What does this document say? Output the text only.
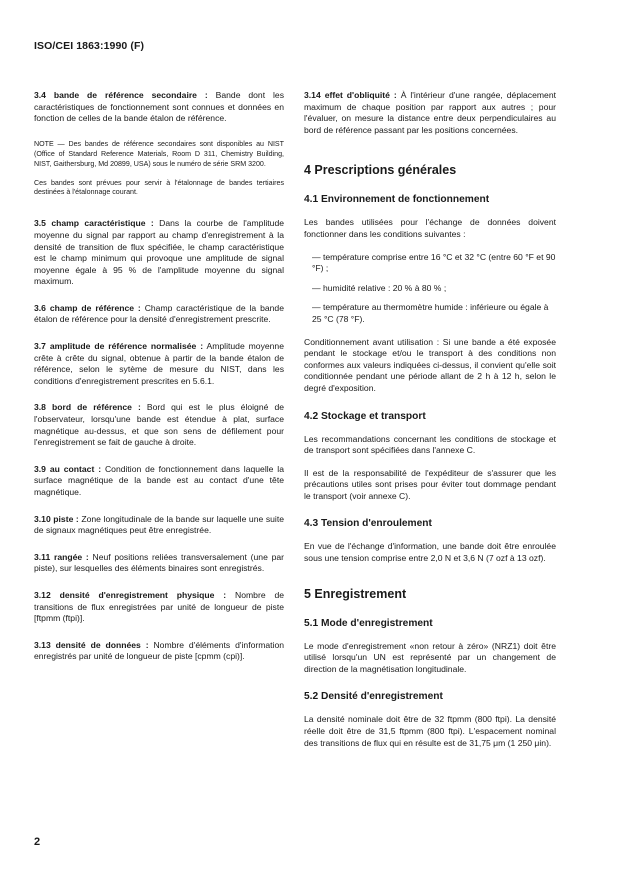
ISO/CEI 1863:1990 (F)
3.4 bande de référence secondaire : Bande dont les caractéristiques de fonctionnement sont connues et données en fonction de celles de la bande étalon de référence.
NOTE — Des bandes de référence secondaires sont disponibles au NIST (Office of Standard Reference Materials, Room D 311, Chemistry Building, NIST, Gaithersburg, Md 20899, USA) sous le numéro de série SRM 3200.
Ces bandes sont prévues pour servir à l'étalonnage de bandes tertiaires destinées à l'étalonnage courant.
3.5 champ caractéristique : Dans la courbe de l'amplitude moyenne du signal par rapport au champ d'enregistrement à la densité de transition de flux spécifiée, le champ caractéristique est le champ minimum qui provoque une amplitude de signal moyenne égale à 95 % de l'amplitude moyenne du signal maximum.
3.6 champ de référence : Champ caractéristique de la bande étalon de référence pour la densité d'enregistrement prescrite.
3.7 amplitude de référence normalisée : Amplitude moyenne crête à crête du signal, obtenue à partir de la bande étalon de référence, selon le sytème de mesure du NIST, dans les conditions d'enregistrement prescrites en 5.6.1.
3.8 bord de référence : Bord qui est le plus éloigné de l'observateur, lorsqu'une bande est étendue à plat, surface magnétique au-dessus, et que son sens de défilement pour l'enregistrement se fait de gauche à droite.
3.9 au contact : Condition de fonctionnement dans laquelle la surface magnétique de la bande est au contact d'une tête magnétique.
3.10 piste : Zone longitudinale de la bande sur laquelle une suite de signaux magnétiques peut être enregistrée.
3.11 rangée : Neuf positions reliées transversalement (une par piste), sur lesquelles des éléments binaires sont enregistrés.
3.12 densité d'enregistrement physique : Nombre de transitions de flux enregistrées par unité de longueur de piste [ftpmm (ftpi)].
3.13 densité de données : Nombre d'éléments d'information enregistrés par unité de longueur de piste [cpmm (cpi)].
3.14 effet d'obliquité : À l'intérieur d'une rangée, déplacement maximum de chaque position par rapport aux autres ; pour l'évaluer, on mesure la distance entre deux perpendiculaires au bord de référence passant par les positions concernées.
4 Prescriptions générales
4.1 Environnement de fonctionnement

Les bandes utilisées pour l'échange de données doivent fonctionner dans les conditions suivantes :

— température comprise entre 16 °C et 32 °C (entre 60 °F et 90 °F) ;

— humidité relative : 20 % à 80 % ;

— température au thermomètre humide : inférieure ou égale à 25 °C (78 °F).

Conditionnement avant utilisation : Si une bande a été exposée pendant le stockage et/ou le transport à des conditions non conformes aux valeurs indiquées ci-dessus, il convient qu'elle soit conditionnée pendant une période allant de 2 h à 12 h, selon le degré d'exposition.

4.2 Stockage et transport

Les recommandations concernant les conditions de stockage et de transport sont spécifiées dans l'annexe C.

Il est de la responsabilité de l'expéditeur de s'assurer que les précautions utiles sont prises pour éviter tout dommage pendant le transport (voir annexe C).

4.3 Tension d'enroulement

En vue de l'échange d'information, une bande doit être enroulée sous une tension comprise entre 2,0 N et 3,6 N (7 ozf à 13 ozf).

5 Enregistrement
5.1 Mode d'enregistrement

Le mode d'enregistrement «non retour à zéro» (NRZ1) doit être utilisé lorsqu'un UN est représenté par un changement de direction de la magnétisation longitudinale.

5.2 Densité d'enregistrement

La densité nominale doit être de 32 ftpmm (800 ftpi). La densité réelle doit être de 31,5 ftpmm (800 ftpi). L'espacement nominal des transitions de flux qui en résulte est de 31,75 μm (1 250 μin).

2
